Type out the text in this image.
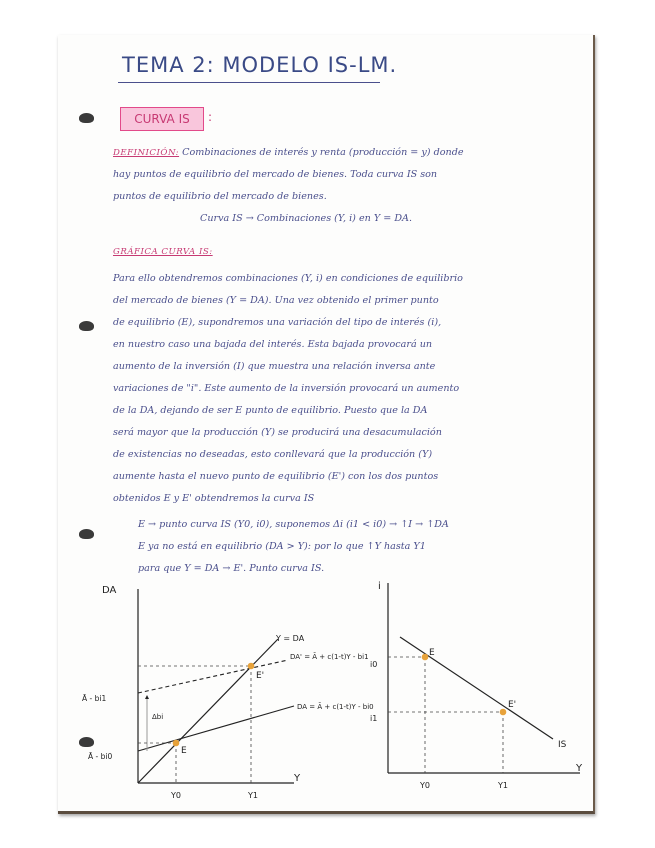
TEMA 2: MODELO IS-LM.
CURVA IS	:
DEFINICIÓN: Combinaciones de interés y renta (producción = y) donde
hay puntos de equilibrio del mercado de bienes. Toda curva IS son
puntos de equilibrio del mercado de bienes.
Curva IS → Combinaciones (Y, i) en Y = DA.
GRÁFICA CURVA IS:
Para ello obtendremos combinaciones (Y, i) en condiciones de equilibrio
del mercado de bienes (Y = DA). Una vez obtenido el primer punto
de equilibrio (E), supondremos una variación del tipo de interés (i),
en nuestro caso una bajada del interés. Esta bajada provocará un
aumento de la inversión (I) que muestra una relación inversa ante
variaciones de "i". Este aumento de la inversión provocará un aumento
de la DA, dejando de ser E punto de equilibrio. Puesto que la DA
será mayor que la producción (Y) se producirá una desacumulación
de existencias no deseadas, esto conllevará que la producción (Y)
aumente hasta el nuevo punto de equilibrio (E') con los dos puntos
obtenidos E y E' obtendremos la curva IS
E → punto curva IS (Y0, i0), suponemos Δi (i1 < i0) → ↑I → ↑DA
E ya no está en equilibrio (DA > Y): por lo que ↑Y hasta Y1
para que Y = DA → E'. Punto curva IS.
DA
Y
Y = DA
DA' = Ā + c(1-t)Y - bi1
DA = Ā + c(1-t)Y - bi0
Ā - bi1
Ā - bi0
Δbi
E
E'
Y0	Y1
i
Y
IS
E
E'
i0
i1
Y0	Y1
